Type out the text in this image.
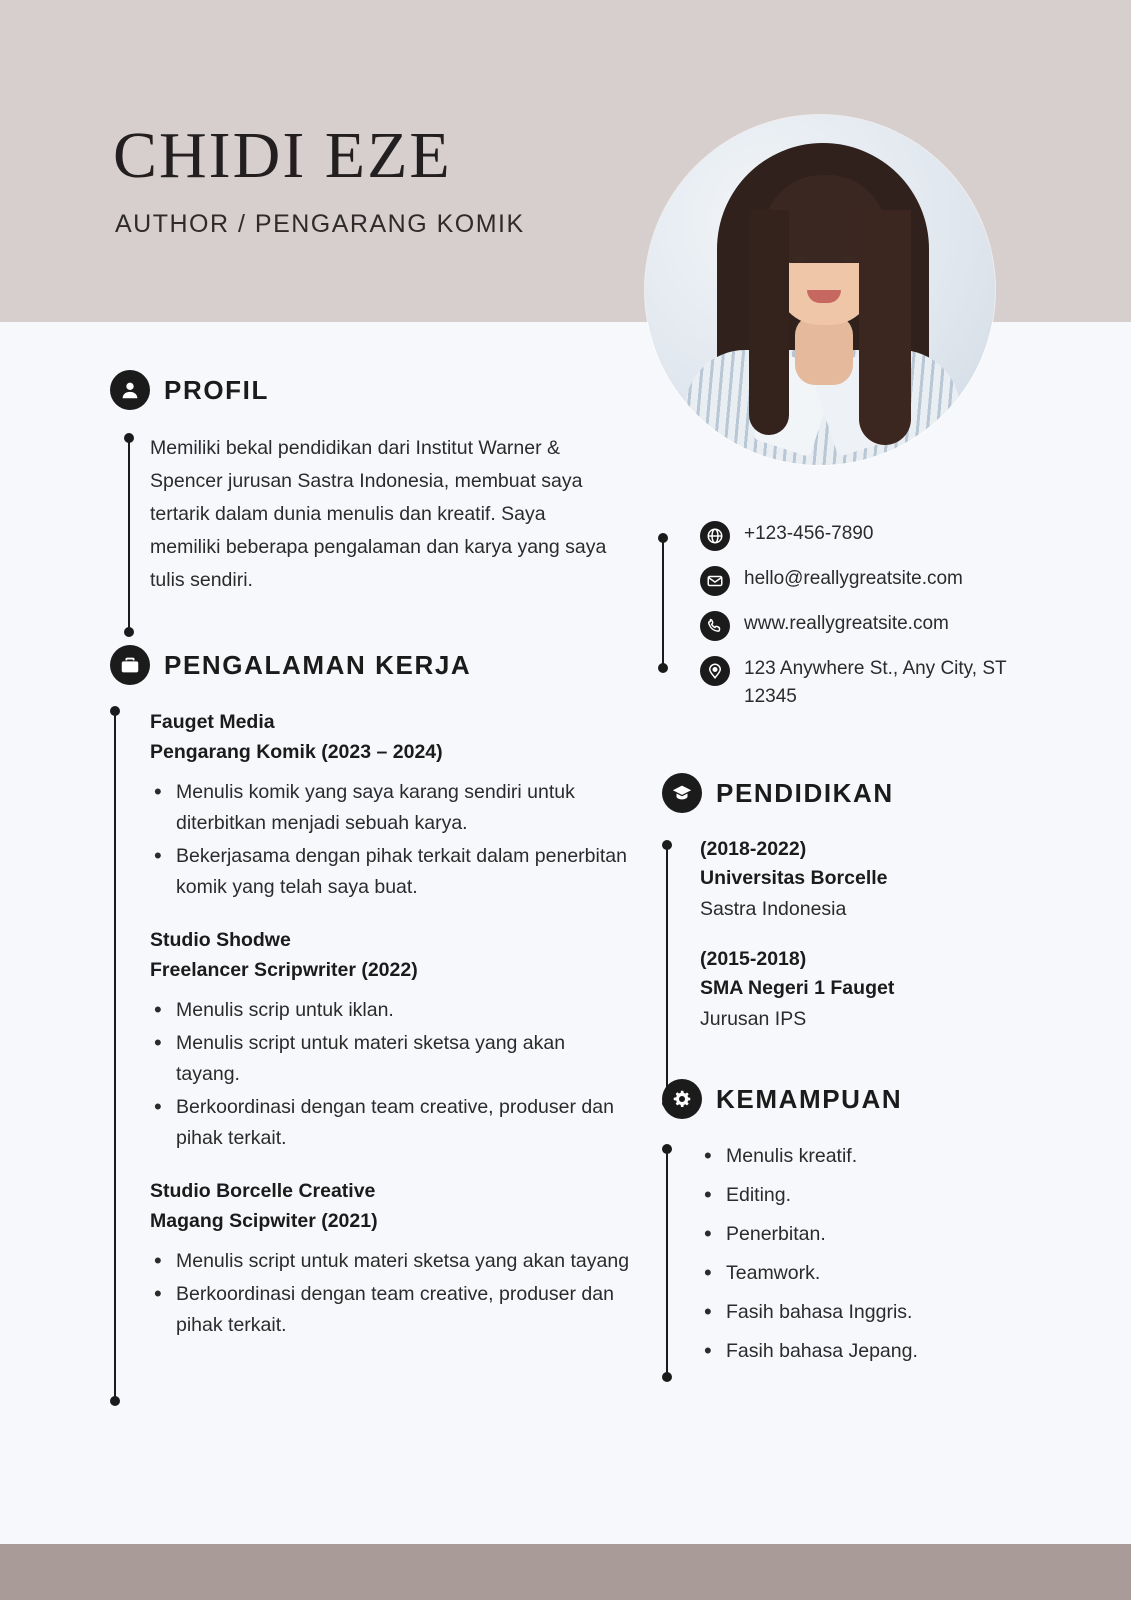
CHIDI EZE
AUTHOR / PENGARANG KOMIK
PROFIL
Memiliki bekal pendidikan dari Institut Warner & Spencer jurusan Sastra Indonesia, membuat saya tertarik dalam dunia menulis dan kreatif. Saya memiliki beberapa pengalaman dan karya yang saya tulis sendiri.
PENGALAMAN KERJA
Fauget Media
Pengarang Komik (2023 – 2024)
• Menulis komik yang saya karang sendiri untuk diterbitkan menjadi sebuah karya.
• Bekerjasama dengan pihak terkait dalam penerbitan komik yang telah saya buat.
Studio Shodwe
Freelancer Scripwriter (2022)
• Menulis scrip untuk iklan.
• Menulis script untuk materi sketsa yang akan tayang.
• Berkoordinasi dengan team creative, produser dan pihak terkait.
Studio Borcelle Creative
Magang Scipwiter (2021)
• Menulis script untuk materi sketsa yang akan tayang
• Berkoordinasi dengan team creative, produser dan pihak terkait.
+123-456-7890
hello@reallygreatsite.com
www.reallygreatsite.com
123 Anywhere St., Any City, ST 12345
PENDIDIKAN
(2018-2022)
Universitas Borcelle
Sastra Indonesia
(2015-2018)
SMA Negeri 1 Fauget
Jurusan IPS
KEMAMPUAN
• Menulis kreatif.
• Editing.
• Penerbitan.
• Teamwork.
• Fasih bahasa Inggris.
• Fasih bahasa Jepang.
